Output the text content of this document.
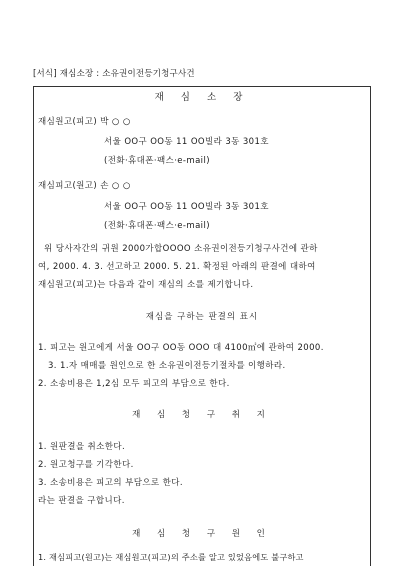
[서식] 재심소장 : 소유권이전등기청구사건
재 심 소 장
재심원고(피고) 박 ○ ○
서울 OO구 OO동 11 OO빌라 3동 301호
(전화·휴대폰·팩스·e-mail)
재심피고(원고) 손 ○ ○
서울 OO구 OO동 11 OO빌라 3동 301호
(전화·휴대폰·팩스·e-mail)
위 당사자간의 귀원 2000가합OOOO 소유권이전등기청구사건에 관하
여, 2000. 4. 3. 선고하고 2000. 5. 21. 확정된 아래의 판결에 대하여
재심원고(피고)는 다음과 같이 재심의 소를 제기합니다.
재심을 구하는 판결의 표시
1. 피고는 원고에게 서울 OO구 OO동 OOO 대 4100㎡에 관하여 2000.
3. 1.자 매매를 원인으로 한 소유권이전등기절차를 이행하라.
2. 소송비용은 1,2심 모두 피고의 부담으로 한다.
재 심 청 구 취 지
1. 원판결을 취소한다.
2. 원고청구를 기각한다.
3. 소송비용은 피고의 부담으로 한다.
라는 판결을 구합니다.
재 심 청 구 원 인
1. 재심피고(원고)는 재심원고(피고)의 주소를 알고 있었음에도 불구하고
